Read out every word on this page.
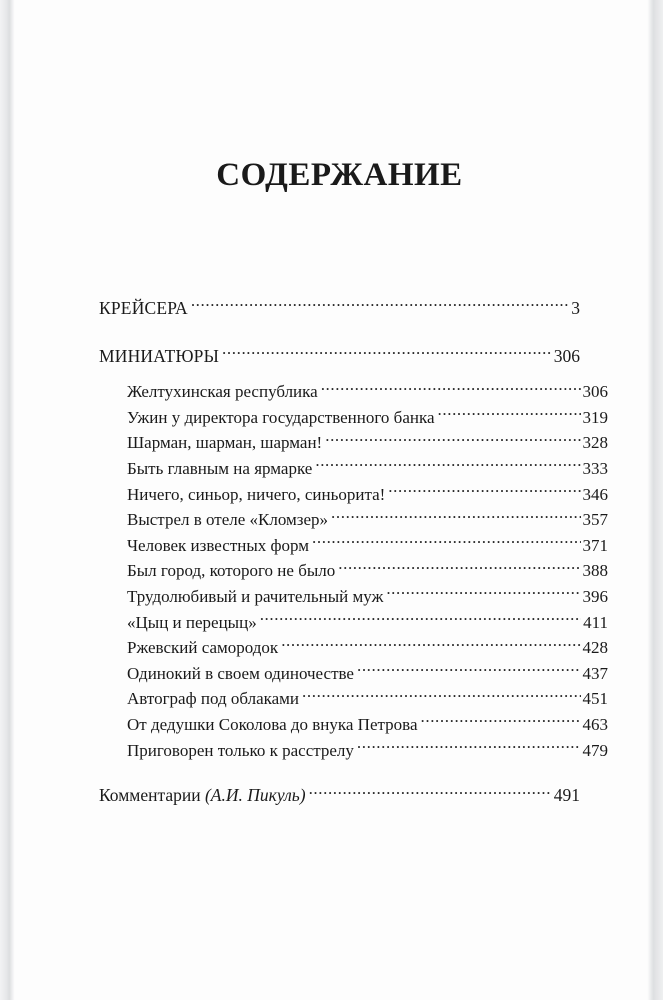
СОДЕРЖАНИЕ
КРЕЙСЕРА .....	3
МИНИАТЮРЫ .....	306
Желтухинская республика .....	306
Ужин у директора государственного банка .....	319
Шарман, шарман, шарман! .....	328
Быть главным на ярмарке .....	333
Ничего, синьор, ничего, синьорита! .....	346
Выстрел в отеле «Кломзер» .....	357
Человек известных форм .....	371
Был город, которого не было .....	388
Трудолюбивый и рачительный муж .....	396
«Цыц и перецыц» .....	411
Ржевский самородок .....	428
Одинокий в своем одиночестве .....	437
Автограф под облаками .....	451
От дедушки Соколова до внука Петрова .....	463
Приговорен только к расстрелу .....	479
Комментарии (А.И. Пикуль) .....	491
